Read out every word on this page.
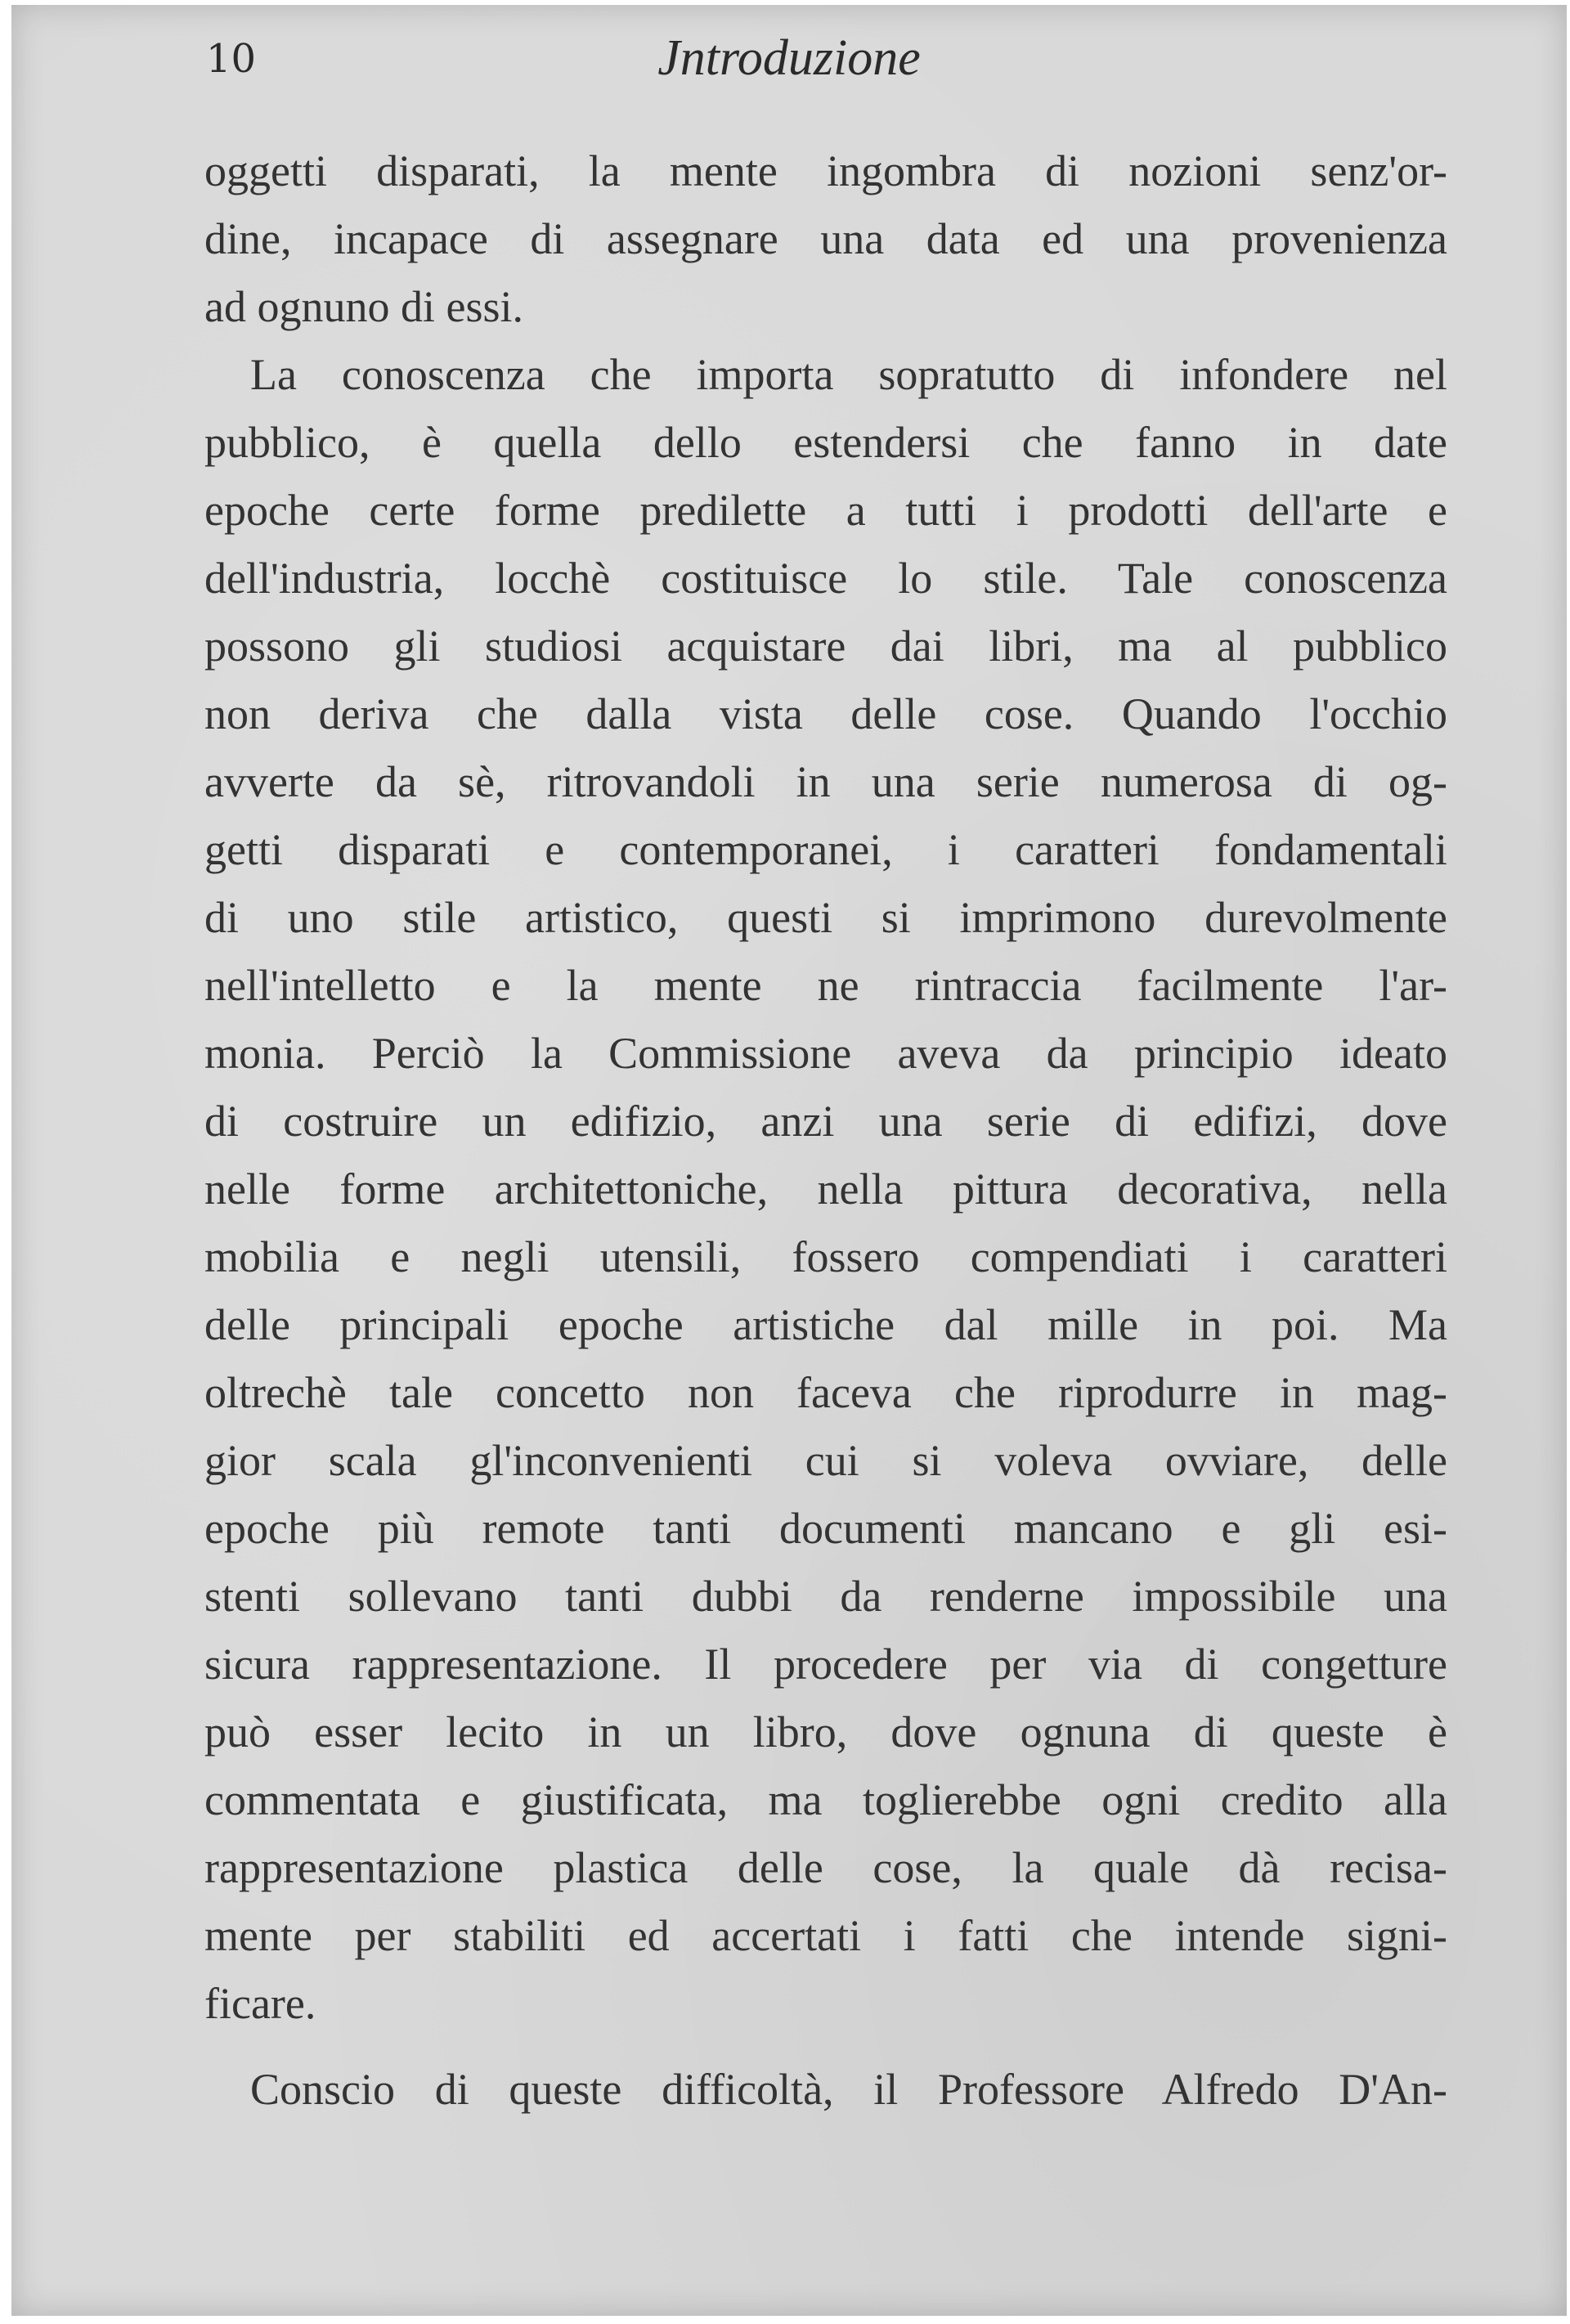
10	Jntroduzione

oggetti disparati, la mente ingombra di nozioni senz'or-
dine, incapace di assegnare una data ed una provenienza
ad ognuno di essi.
La conoscenza che importa sopratutto di infondere nel
pubblico, è quella dello estendersi che fanno in date
epoche certe forme predilette a tutti i prodotti dell'arte e
dell'industria, locchè costituisce lo stile. Tale conoscenza
possono gli studiosi acquistare dai libri, ma al pubblico
non deriva che dalla vista delle cose. Quando l'occhio
avverte da sè, ritrovandoli in una serie numerosa di og-
getti disparati e contemporanei, i caratteri fondamentali
di uno stile artistico, questi si imprimono durevolmente
nell'intelletto e la mente ne rintraccia facilmente l'ar-
monia. Perciò la Commissione aveva da principio ideato
di costruire un edifizio, anzi una serie di edifizi, dove
nelle forme architettoniche, nella pittura decorativa, nella
mobilia e negli utensili, fossero compendiati i caratteri
delle principali epoche artistiche dal mille in poi. Ma
oltrechè tale concetto non faceva che riprodurre in mag-
gior scala gl'inconvenienti cui si voleva ovviare, delle
epoche più remote tanti documenti mancano e gli esi-
stenti sollevano tanti dubbi da renderne impossibile una
sicura rappresentazione. Il procedere per via di congetture
può esser lecito in un libro, dove ognuna di queste è
commentata e giustificata, ma toglierebbe ogni credito alla
rappresentazione plastica delle cose, la quale dà recisa-
mente per stabiliti ed accertati i fatti che intende signi-
ficare.
Conscio di queste difficoltà, il Professore Alfredo D'An-
